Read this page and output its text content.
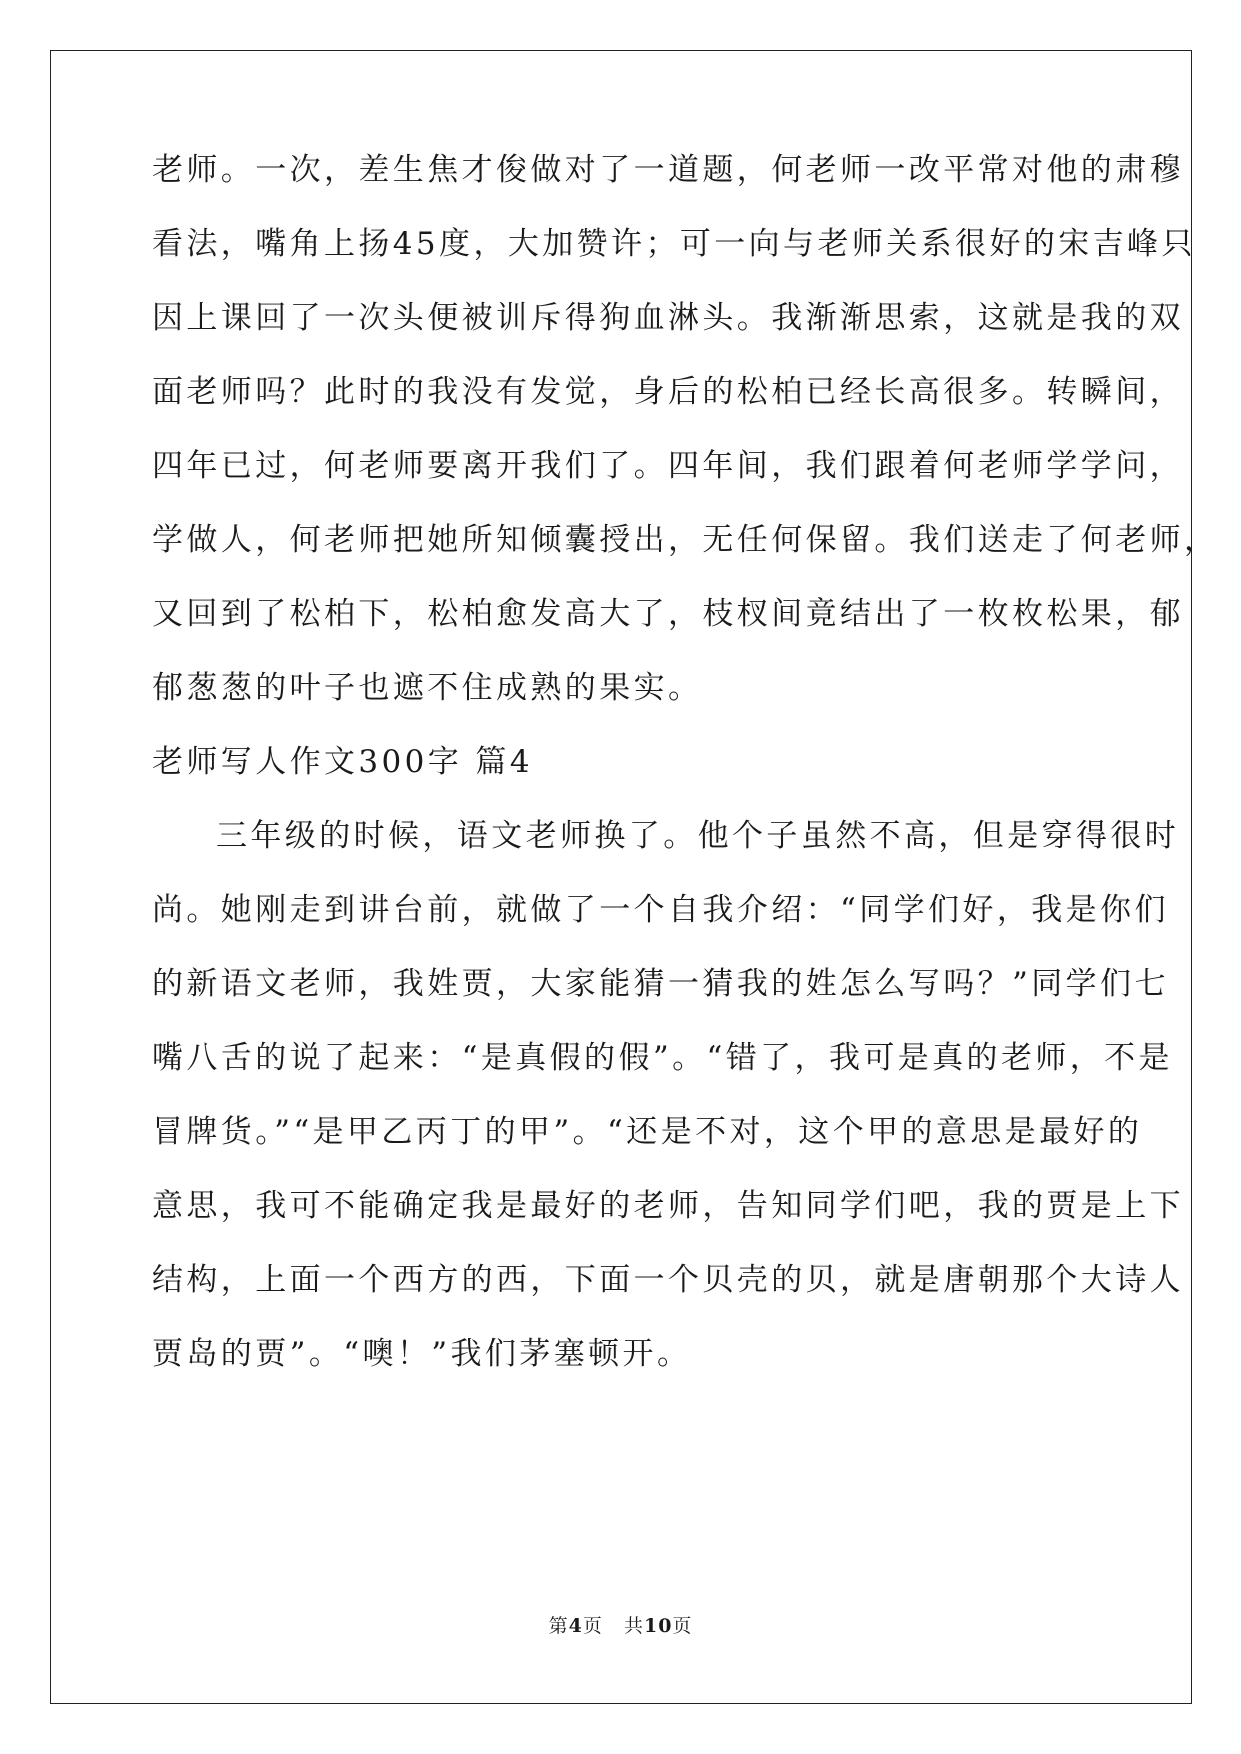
老师。一次，差生焦才俊做对了一道题，何老师一改平常对他的肃穆
看法，嘴角上扬45度，大加赞许；可一向与老师关系很好的宋吉峰只
因上课回了一次头便被训斥得狗血淋头。我渐渐思索，这就是我的双
面老师吗？此时的我没有发觉，身后的松柏已经长高很多。转瞬间，
四年已过，何老师要离开我们了。四年间，我们跟着何老师学学问，
学做人，何老师把她所知倾囊授出，无任何保留。我们送走了何老师，
又回到了松柏下，松柏愈发高大了，枝杈间竟结出了一枚枚松果，郁
郁葱葱的叶子也遮不住成熟的果实。
老师写人作文300字 篇4
三年级的时候，语文老师换了。他个子虽然不高，但是穿得很时
尚。她刚走到讲台前，就做了一个自我介绍：“同学们好，我是你们
的新语文老师，我姓贾，大家能猜一猜我的姓怎么写吗？”同学们七
嘴八舌的说了起来：“是真假的假”。“错了，我可是真的老师，不是
冒牌货。”“是甲乙丙丁的甲”。“还是不对，这个甲的意思是最好的
意思，我可不能确定我是最好的老师，告知同学们吧，我的贾是上下
结构，上面一个西方的西，下面一个贝壳的贝，就是唐朝那个大诗人
贾岛的贾”。“噢！”我们茅塞顿开。
第4页 共10页
